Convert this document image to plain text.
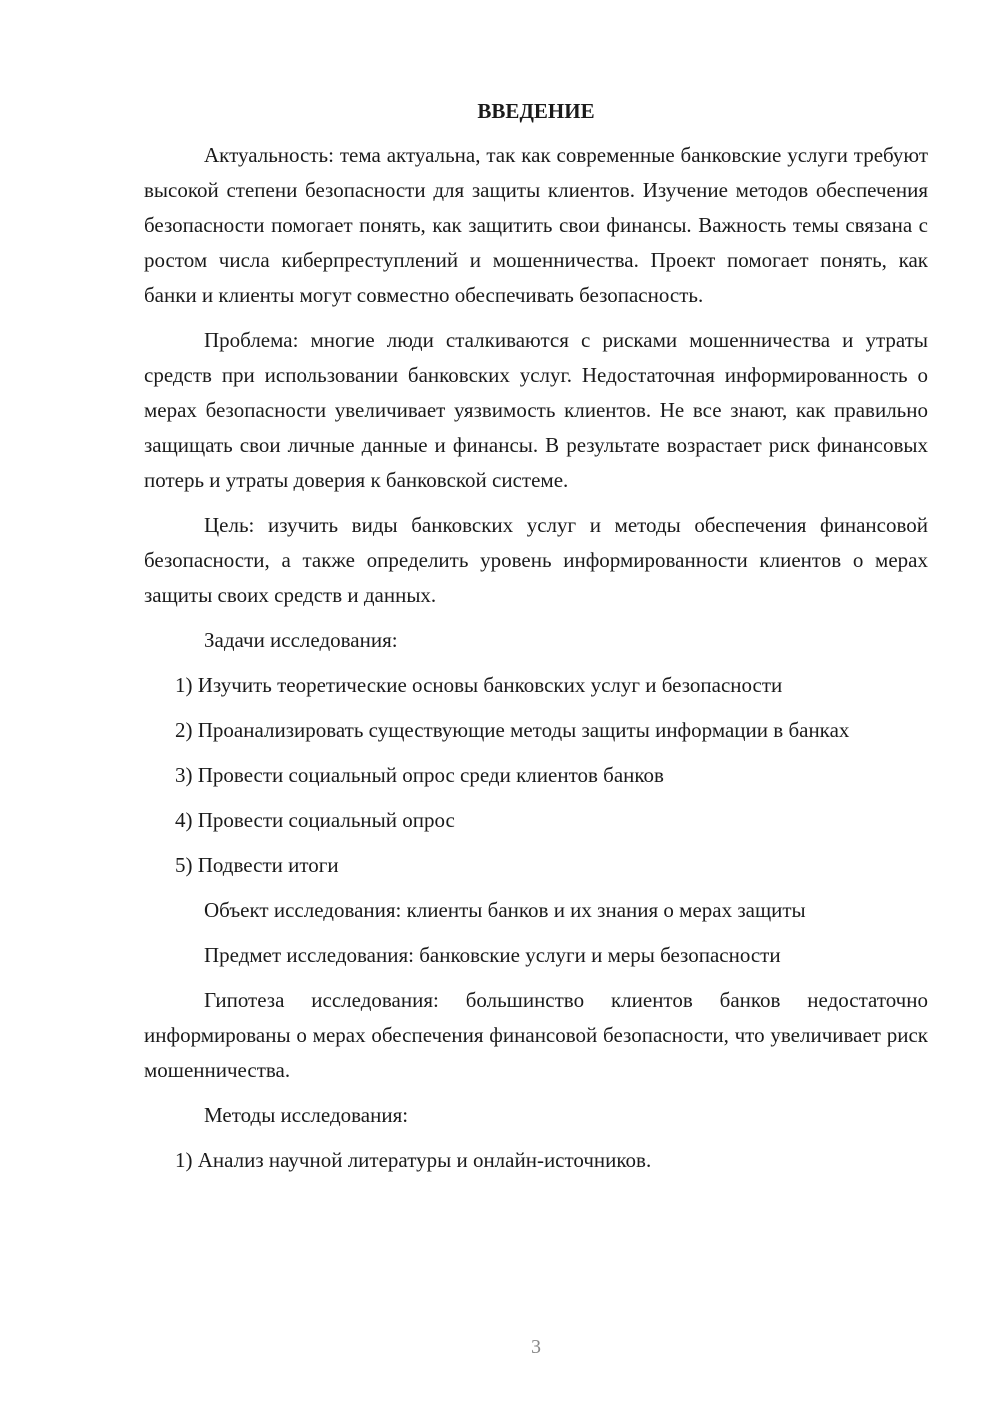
ВВЕДЕНИЕ

Актуальность: тема актуальна, так как современные банковские услуги требуют высокой степени безопасности для защиты клиентов. Изучение методов обеспечения безопасности помогает понять, как защитить свои финансы. Важность темы связана с ростом числа киберпреступлений и мошенничества. Проект помогает понять, как банки и клиенты могут совместно обеспечивать безопасность.

Проблема: многие люди сталкиваются с рисками мошенничества и утраты средств при использовании банковских услуг. Недостаточная информированность о мерах безопасности увеличивает уязвимость клиентов. Не все знают, как правильно защищать свои личные данные и финансы. В результате возрастает риск финансовых потерь и утраты доверия к банковской системе.

Цель: изучить виды банковских услуг и методы обеспечения финансовой безопасности, а также определить уровень информированности клиентов о мерах защиты своих средств и данных.

Задачи исследования:

1) Изучить теоретические основы банковских услуг и безопасности

2) Проанализировать существующие методы защиты информации в банках

3) Провести социальный опрос среди клиентов банков

4) Провести социальный опрос

5) Подвести итоги

Объект исследования: клиенты банков и их знания о мерах защиты

Предмет исследования: банковские услуги и меры безопасности

Гипотеза исследования: большинство клиентов банков недостаточно информированы о мерах обеспечения финансовой безопасности, что увеличивает риск мошенничества.

Методы исследования:

1) Анализ научной литературы и онлайн-источников.

3
